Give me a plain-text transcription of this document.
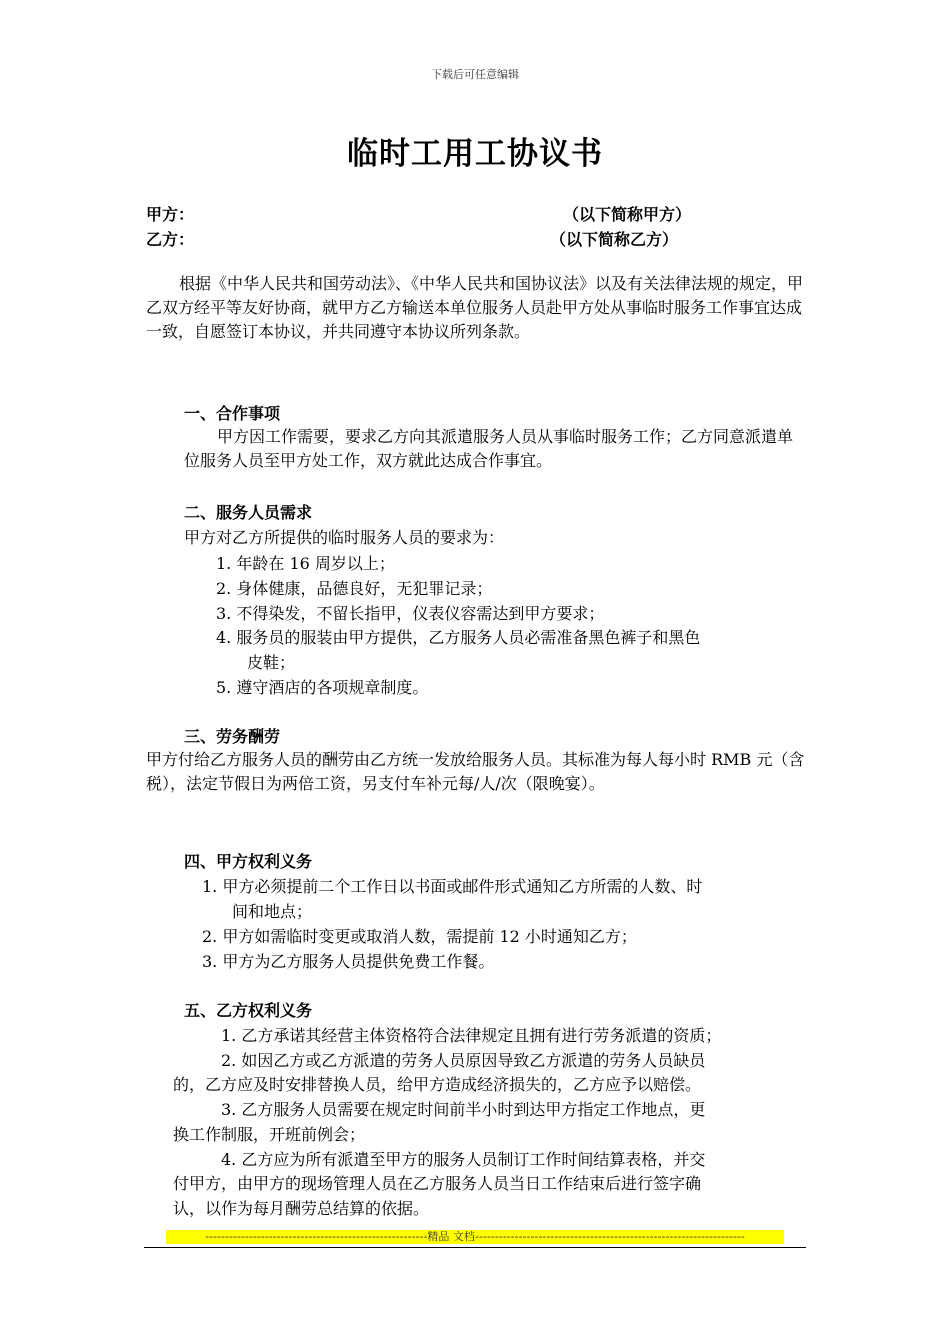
下载后可任意编辑
临时工用工协议书
甲方：	（以下简称甲方）
乙方：	（以下简称乙方）
根据《中华人民共和国劳动法》、《中华人民共和国协议法》以及有关法律法规的规定，甲乙双方经平等友好协商，就甲方乙方输送本单位服务人员赴甲方处从事临时服务工作事宜达成一致，自愿签订本协议，并共同遵守本协议所列条款。
一、合作事项
甲方因工作需要，要求乙方向其派遣服务人员从事临时服务工作；乙方同意派遣单位服务人员至甲方处工作，双方就此达成合作事宜。
二、服务人员需求
甲方对乙方所提供的临时服务人员的要求为：
1. 年龄在 16 周岁以上；
2. 身体健康，品德良好，无犯罪记录；
3. 不得染发，不留长指甲，仪表仪容需达到甲方要求；
4. 服务员的服装由甲方提供，乙方服务人员必需准备黑色裤子和黑色
皮鞋；
5. 遵守酒店的各项规章制度。
三、劳务酬劳
甲方付给乙方服务人员的酬劳由乙方统一发放给服务人员。其标准为每人每小时 RMB 元（含税），法定节假日为两倍工资，另支付车补元每/人/次（限晚宴）。
四、甲方权利义务
1. 甲方必须提前二个工作日以书面或邮件形式通知乙方所需的人数、时
间和地点；
2. 甲方如需临时变更或取消人数，需提前 12 小时通知乙方；
3. 甲方为乙方服务人员提供免费工作餐。
五、乙方权利义务
1. 乙方承诺其经营主体资格符合法律规定且拥有进行劳务派遣的资质；
2. 如因乙方或乙方派遣的劳务人员原因导致乙方派遣的劳务人员缺员
的，乙方应及时安排替换人员，给甲方造成经济损失的，乙方应予以赔偿。
3. 乙方服务人员需要在规定时间前半小时到达甲方指定工作地点，更
换工作制服，开班前例会；
4. 乙方应为所有派遣至甲方的服务人员制订工作时间结算表格，并交
付甲方，由甲方的现场管理人员在乙方服务人员当日工作结束后进行签字确
认，以作为每月酬劳总结算的依据。
--------------------------------------------------------精品 文档--------------------------------------------------------------------
